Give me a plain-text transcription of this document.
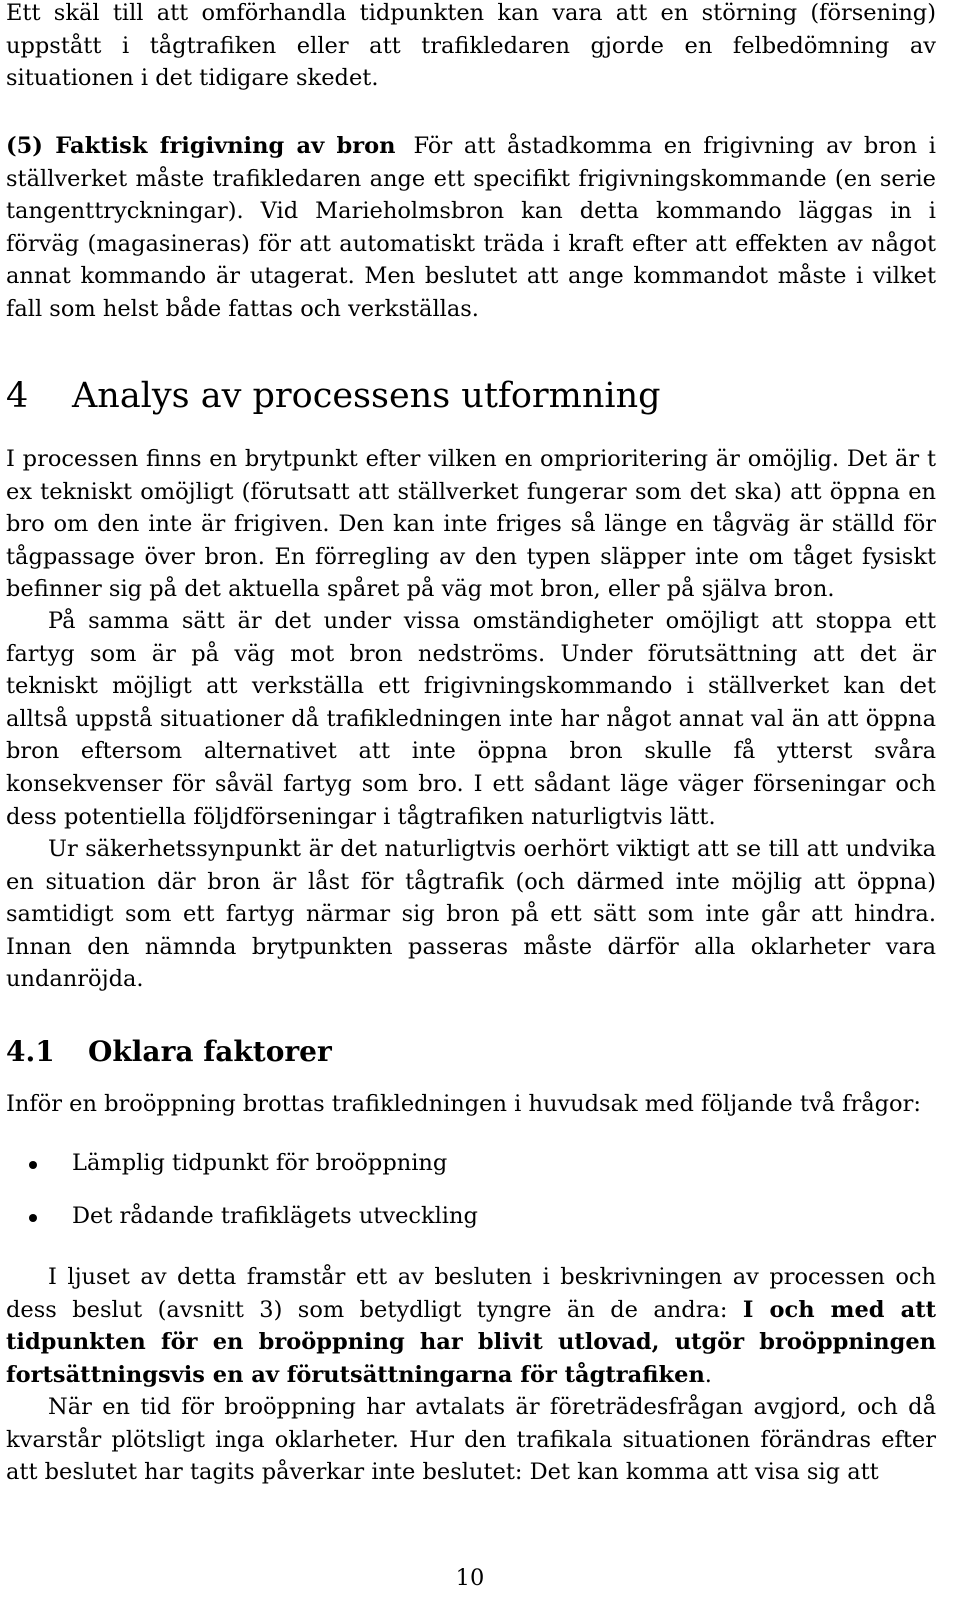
Ett skäl till att omförhandla tidpunkten kan vara att en störning (försening) uppstått i tågtrafiken eller att trafikledaren gjorde en felbedömning av situationen i det tidigare skedet.

(5) Faktisk frigivning av bron För att åstadkomma en frigivning av bron i ställverket måste trafikledaren ange ett specifikt frigivningskommande (en serie tangenttryckningar). Vid Marieholmsbron kan detta kommando läggas in i förväg (magasineras) för att automatiskt träda i kraft efter att effekten av något annat kommando är utagerat. Men beslutet att ange kommandot måste i vilket fall som helst både fattas och verkställas.

4 Analys av processens utformning

I processen finns en brytpunkt efter vilken en omprioritering är omöjlig. Det är t ex tekniskt omöjligt (förutsatt att ställverket fungerar som det ska) att öppna en bro om den inte är frigiven. Den kan inte friges så länge en tågväg är ställd för tågpassage över bron. En förregling av den typen släpper inte om tåget fysiskt befinner sig på det aktuella spåret på väg mot bron, eller på själva bron.

På samma sätt är det under vissa omständigheter omöjligt att stoppa ett fartyg som är på väg mot bron nedströms. Under förutsättning att det är tekniskt möjligt att verkställa ett frigivningskommando i ställverket kan det alltså uppstå situationer då trafikledningen inte har något annat val än att öppna bron eftersom alternativet att inte öppna bron skulle få ytterst svåra konsekvenser för såväl fartyg som bro. I ett sådant läge väger förseningar och dess potentiella följdförseningar i tågtrafiken naturligtvis lätt.

Ur säkerhetssynpunkt är det naturligtvis oerhört viktigt att se till att undvika en situation där bron är låst för tågtrafik (och därmed inte möjlig att öppna) samtidigt som ett fartyg närmar sig bron på ett sätt som inte går att hindra. Innan den nämnda brytpunkten passeras måste därför alla oklarheter vara undanröjda.

4.1 Oklara faktorer

Inför en broöppning brottas trafikledningen i huvudsak med följande två frågor:

Lämplig tidpunkt för broöppning
Det rådande trafiklägets utveckling

I ljuset av detta framstår ett av besluten i beskrivningen av processen och dess beslut (avsnitt 3) som betydligt tyngre än de andra: I och med att tidpunkten för en broöppning har blivit utlovad, utgör broöppningen fortsättningsvis en av förutsättningarna för tågtrafiken.

När en tid för broöppning har avtalats är företrädesfrågan avgjord, och då kvarstår plötsligt inga oklarheter. Hur den trafikala situationen förändras efter att beslutet har tagits påverkar inte beslutet: Det kan komma att visa sig att

10
